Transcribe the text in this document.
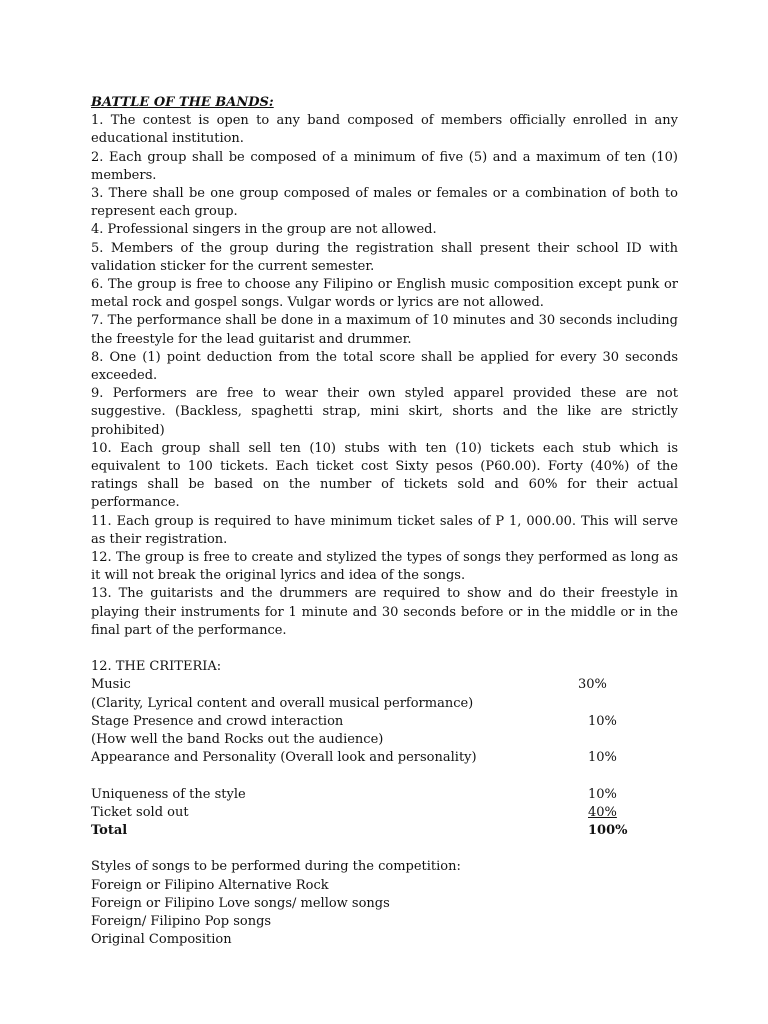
BATTLE OF THE BANDS:

1. The contest is open to any band composed of members officially enrolled in any educational institution.

2. Each group shall be composed of a minimum of five (5) and a maximum of ten (10) members.

3. There shall be one group composed of males or females or a combination of both to represent each group.

4. Professional singers in the group are not allowed.

5. Members of the group during the registration shall present their school ID with validation sticker for the current semester.

6. The group is free to choose any Filipino or English music composition except punk or metal rock and gospel songs. Vulgar words or lyrics are not allowed.

7. The performance shall be done in a maximum of 10 minutes and 30 seconds including the freestyle for the lead guitarist and drummer.

8. One (1) point deduction from the total score shall be applied for every 30 seconds exceeded.

9. Performers are free to wear their own styled apparel provided these are not suggestive. (Backless, spaghetti strap, mini skirt, shorts and the like are strictly prohibited)

10. Each group shall sell ten (10) stubs with ten (10) tickets each stub which is equivalent to 100 tickets. Each ticket cost Sixty pesos (P60.00). Forty (40%) of the ratings shall be based on the number of tickets sold and 60% for their actual performance.

11. Each group is required to have minimum ticket sales of P 1, 000.00. This will serve as their registration.

12. The group is free to create and stylized the types of songs they performed as long as it will not break the original lyrics and idea of the songs.

13. The guitarists and the drummers are required to show and do their freestyle in playing their instruments for 1 minute and 30 seconds before or in the middle or in the final part of the performance.

12. THE CRITERIA:

Music	30%
(Clarity, Lyrical content and overall musical performance)
Stage Presence and crowd interaction	10%
(How well the band Rocks out the audience)
Appearance and Personality (Overall look and personality)	10%
Uniqueness of the style	10%
Ticket sold out	40%
Total	100%

Styles of songs to be performed during the competition:

Foreign or Filipino Alternative Rock

Foreign or Filipino Love songs/ mellow songs

Foreign/ Filipino Pop songs

Original Composition
